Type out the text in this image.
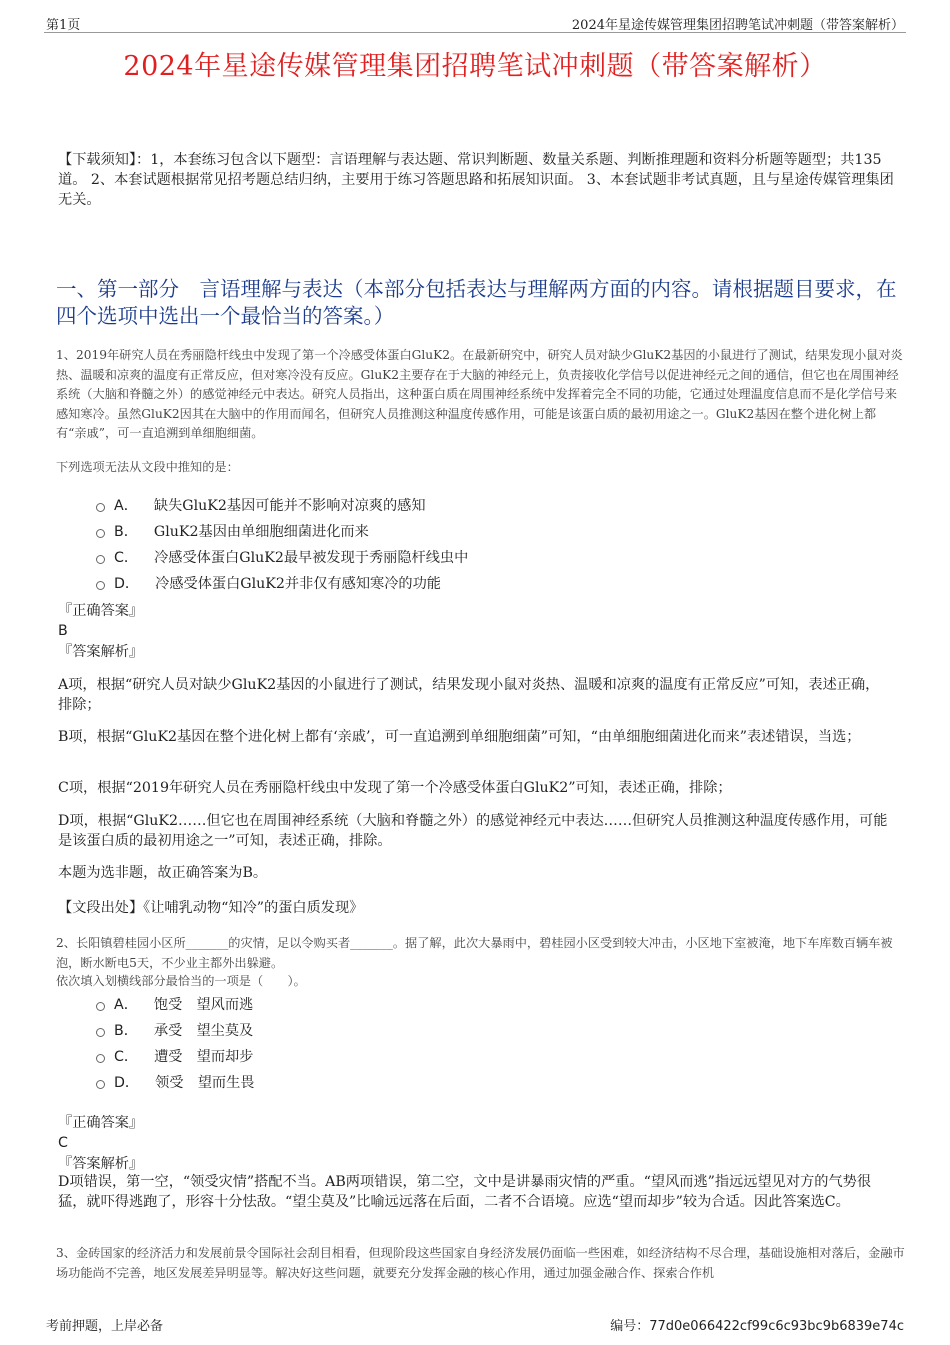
第1页	2024年星途传媒管理集团招聘笔试冲刺题（带答案解析）
2024年星途传媒管理集团招聘笔试冲刺题（带答案解析）
【下载须知】：1，本套练习包含以下题型：言语理解与表达题、常识判断题、数量关系题、判断推理题和资料分析题等题型；共135道。 2、本套试题根据常见招考题总结归纳，主要用于练习答题思路和拓展知识面。 3、本套试题非考试真题，且与星途传媒管理集团无关。
一、第一部分　言语理解与表达（本部分包括表达与理解两方面的内容。请根据题目要求，在四个选项中选出一个最恰当的答案。）
1、2019年研究人员在秀丽隐杆线虫中发现了第一个冷感受体蛋白GluK2。在最新研究中，研究人员对缺少GluK2基因的小鼠进行了测试，结果发现小鼠对炎热、温暖和凉爽的温度有正常反应，但对寒冷没有反应。GluK2主要存在于大脑的神经元上，负责接收化学信号以促进神经元之间的通信，但它也在周围神经系统（大脑和脊髓之外）的感觉神经元中表达。研究人员指出，这种蛋白质在周围神经系统中发挥着完全不同的功能，它通过处理温度信息而不是化学信号来感知寒冷。虽然GluK2因其在大脑中的作用而闻名，但研究人员推测这种温度传感作用，可能是该蛋白质的最初用途之一。GluK2基因在整个进化树上都有“亲戚”，可一直追溯到单细胞细菌。
下列选项无法从文段中推知的是：
A． 缺失GluK2基因可能并不影响对凉爽的感知
B． GluK2基因由单细胞细菌进化而来
C． 冷感受体蛋白GluK2最早被发现于秀丽隐杆线虫中
D． 冷感受体蛋白GluK2并非仅有感知寒冷的功能
『正确答案』
B
『答案解析』
A项，根据“研究人员对缺少GluK2基因的小鼠进行了测试，结果发现小鼠对炎热、温暖和凉爽的温度有正常反应”可知，表述正确，排除；
B项，根据“GluK2基因在整个进化树上都有‘亲戚’，可一直追溯到单细胞细菌”可知，“由单细胞细菌进化而来”表述错误，当选；
C项，根据“2019年研究人员在秀丽隐杆线虫中发现了第一个冷感受体蛋白GluK2”可知，表述正确，排除；
D项，根据“GluK2……但它也在周围神经系统（大脑和脊髓之外）的感觉神经元中表达……但研究人员推测这种温度传感作用，可能是该蛋白质的最初用途之一”可知，表述正确，排除。
本题为选非题，故正确答案为B。
【文段出处】《让哺乳动物“知冷”的蛋白质发现》
2、长阳镇碧桂园小区所_______的灾情，足以令购买者_______。据了解，此次大暴雨中，碧桂园小区受到较大冲击，小区地下室被淹，地下车库数百辆车被泡，断水断电5天，不少业主都外出躲避。
依次填入划横线部分最恰当的一项是（　　）。
A． 饱受　望风而逃
B． 承受　望尘莫及
C． 遭受　望而却步
D． 领受　望而生畏
『正确答案』
C
『答案解析』
D项错误，第一空，“领受灾情”搭配不当。AB两项错误，第二空，文中是讲暴雨灾情的严重。“望风而逃”指远远望见对方的气势很猛，就吓得逃跑了，形容十分怯敌。“望尘莫及”比喻远远落在后面，二者不合语境。应选“望而却步”较为合适。因此答案选C。
3、金砖国家的经济活力和发展前景令国际社会刮目相看，但现阶段这些国家自身经济发展仍面临一些困难，如经济结构不尽合理，基础设施相对落后，金融市场功能尚不完善，地区发展差异明显等。解决好这些问题，就要充分发挥金融的核心作用，通过加强金融合作、探索合作机
考前押题，上岸必备	编号：77d0e066422cf99c6c93bc9b6839e74c
